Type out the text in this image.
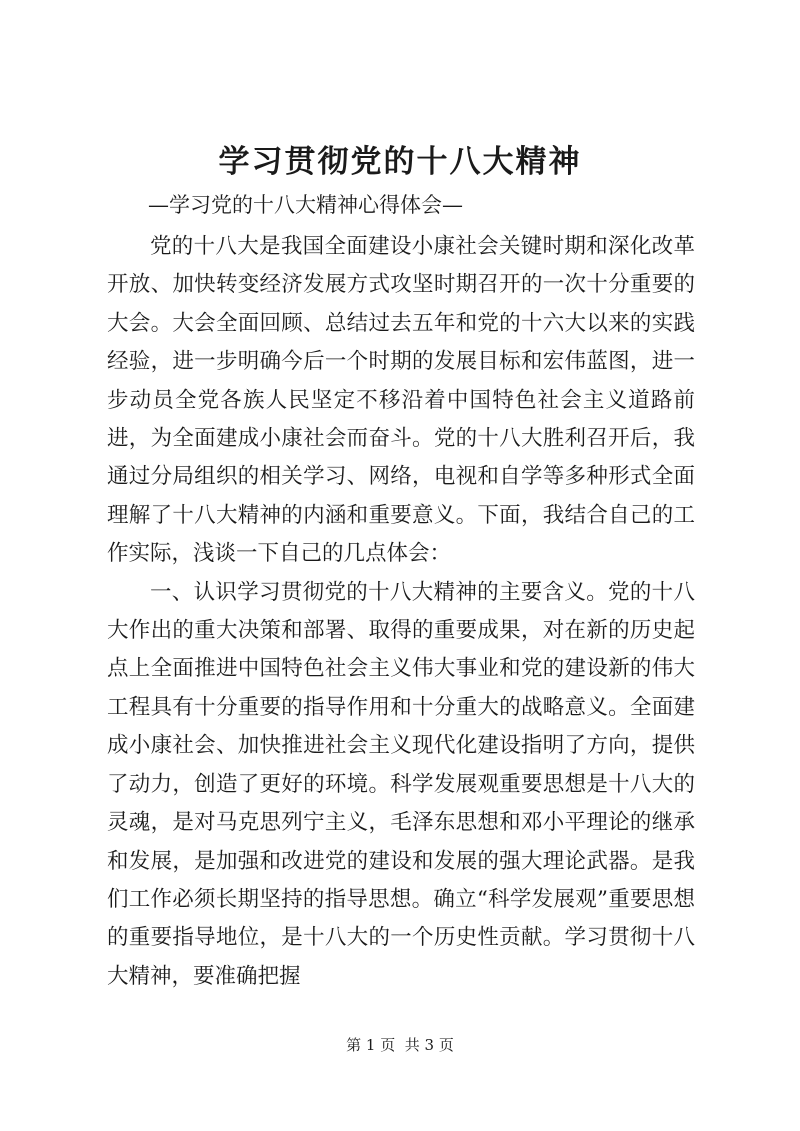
学习贯彻党的十八大精神

—学习党的十八大精神心得体会—

党的十八大是我国全面建设小康社会关键时期和深化改革开放、加快转变经济发展方式攻坚时期召开的一次十分重要的大会。大会全面回顾、总结过去五年和党的十六大以来的实践经验，进一步明确今后一个时期的发展目标和宏伟蓝图，进一步动员全党各族人民坚定不移沿着中国特色社会主义道路前进，为全面建成小康社会而奋斗。党的十八大胜利召开后，我通过分局组织的相关学习、网络，电视和自学等多种形式全面理解了十八大精神的内涵和重要意义。下面，我结合自己的工作实际，浅谈一下自己的几点体会：

一、认识学习贯彻党的十八大精神的主要含义。党的十八大作出的重大决策和部署、取得的重要成果，对在新的历史起点上全面推进中国特色社会主义伟大事业和党的建设新的伟大工程具有十分重要的指导作用和十分重大的战略意义。全面建成小康社会、加快推进社会主义现代化建设指明了方向，提供了动力，创造了更好的环境。科学发展观重要思想是十八大的灵魂，是对马克思列宁主义，毛泽东思想和邓小平理论的继承和发展，是加强和改进党的建设和发展的强大理论武器。是我们工作必须长期坚持的指导思想。确立“科学发展观”重要思想的重要指导地位，是十八大的一个历史性贡献。学习贯彻十八大精神，要准确把握

第 1 页  共 3 页
